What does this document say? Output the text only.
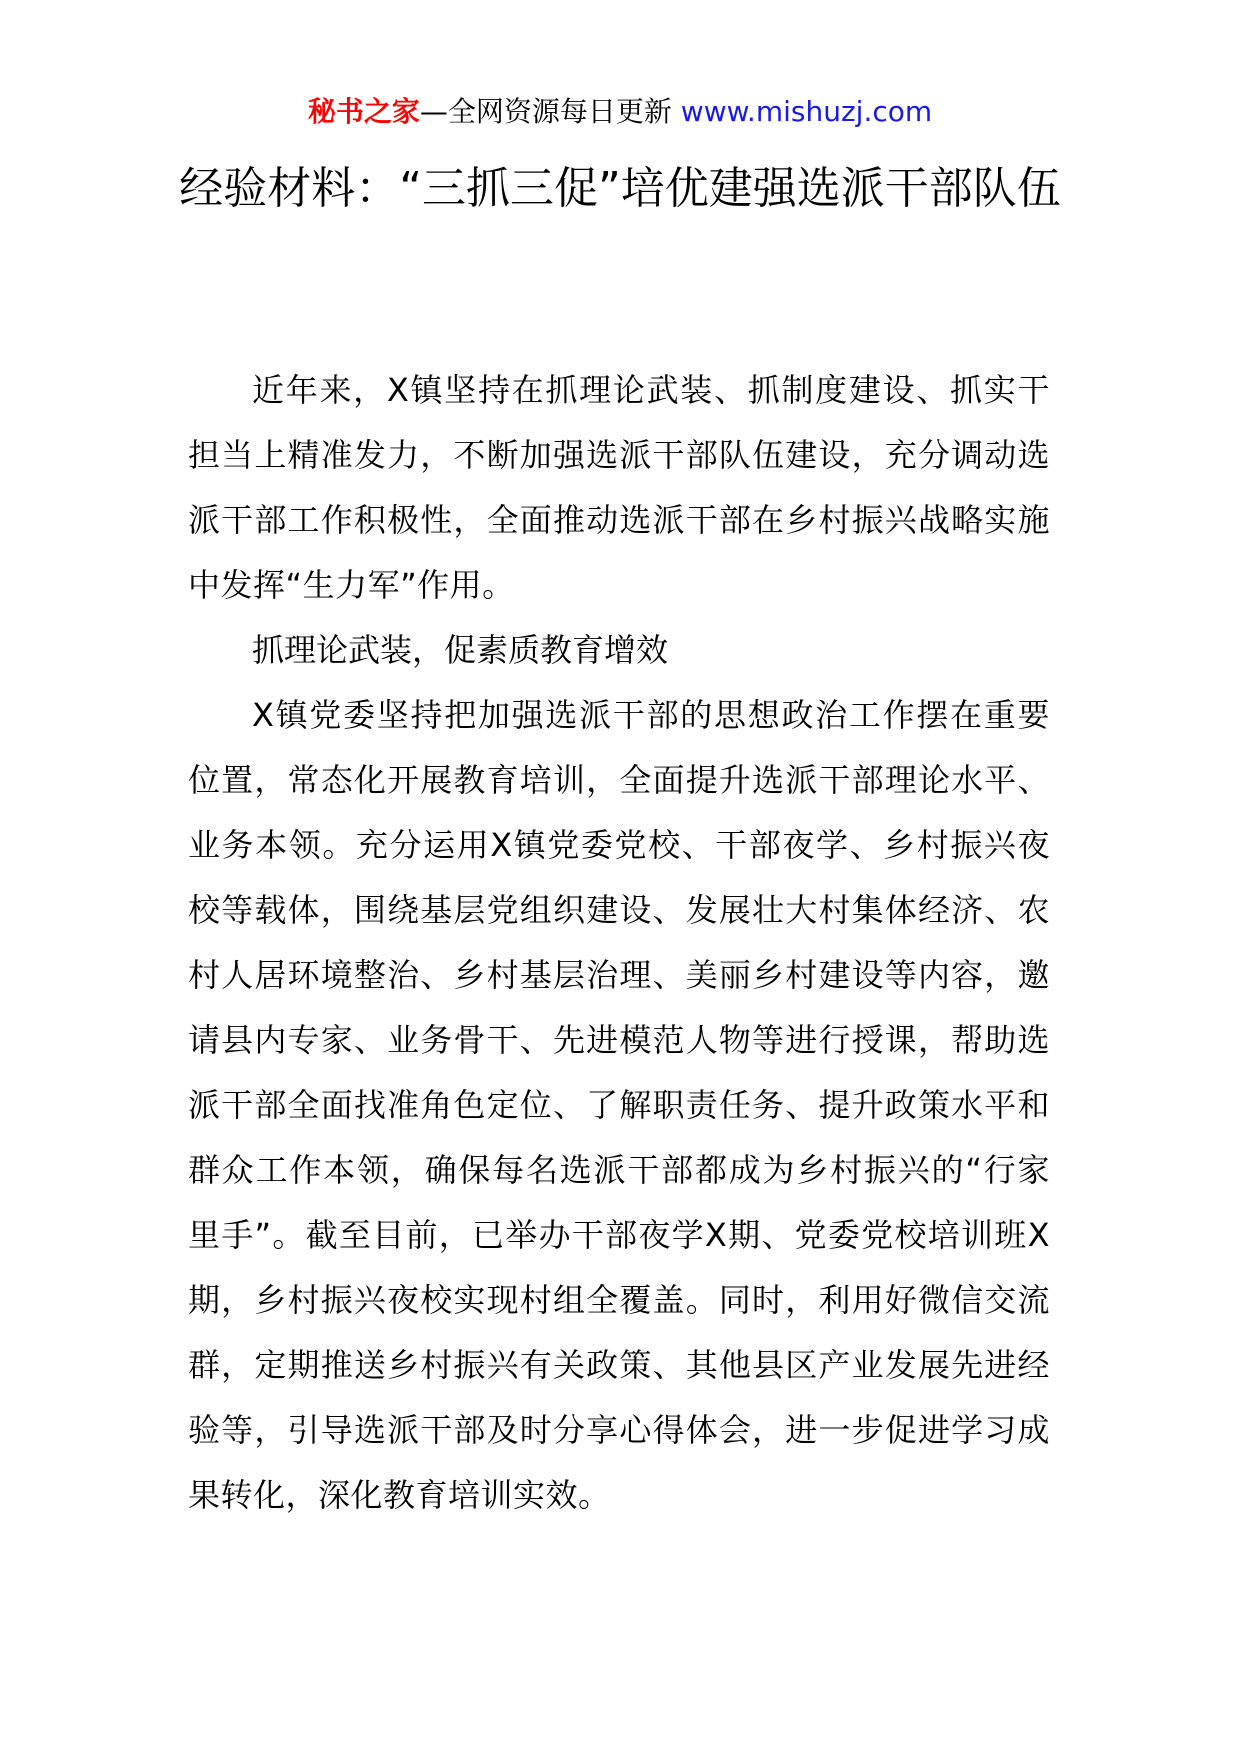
秘书之家—全网资源每日更新 www.mishuzj.com
经验材料：“三抓三促”培优建强选派干部队伍

近年来，X镇坚持在抓理论武装、抓制度建设、抓实干担当上精准发力，不断加强选派干部队伍建设，充分调动选派干部工作积极性，全面推动选派干部在乡村振兴战略实施中发挥“生力军”作用。

抓理论武装，促素质教育增效

X镇党委坚持把加强选派干部的思想政治工作摆在重要位置，常态化开展教育培训，全面提升选派干部理论水平、业务本领。充分运用X镇党委党校、干部夜学、乡村振兴夜校等载体，围绕基层党组织建设、发展壮大村集体经济、农村人居环境整治、乡村基层治理、美丽乡村建设等内容，邀请县内专家、业务骨干、先进模范人物等进行授课，帮助选派干部全面找准角色定位、了解职责任务、提升政策水平和群众工作本领，确保每名选派干部都成为乡村振兴的“行家里手”。截至目前，已举办干部夜学X期、党委党校培训班X期，乡村振兴夜校实现村组全覆盖。同时，利用好微信交流群，定期推送乡村振兴有关政策、其他县区产业发展先进经验等，引导选派干部及时分享心得体会，进一步促进学习成果转化，深化教育培训实效。
